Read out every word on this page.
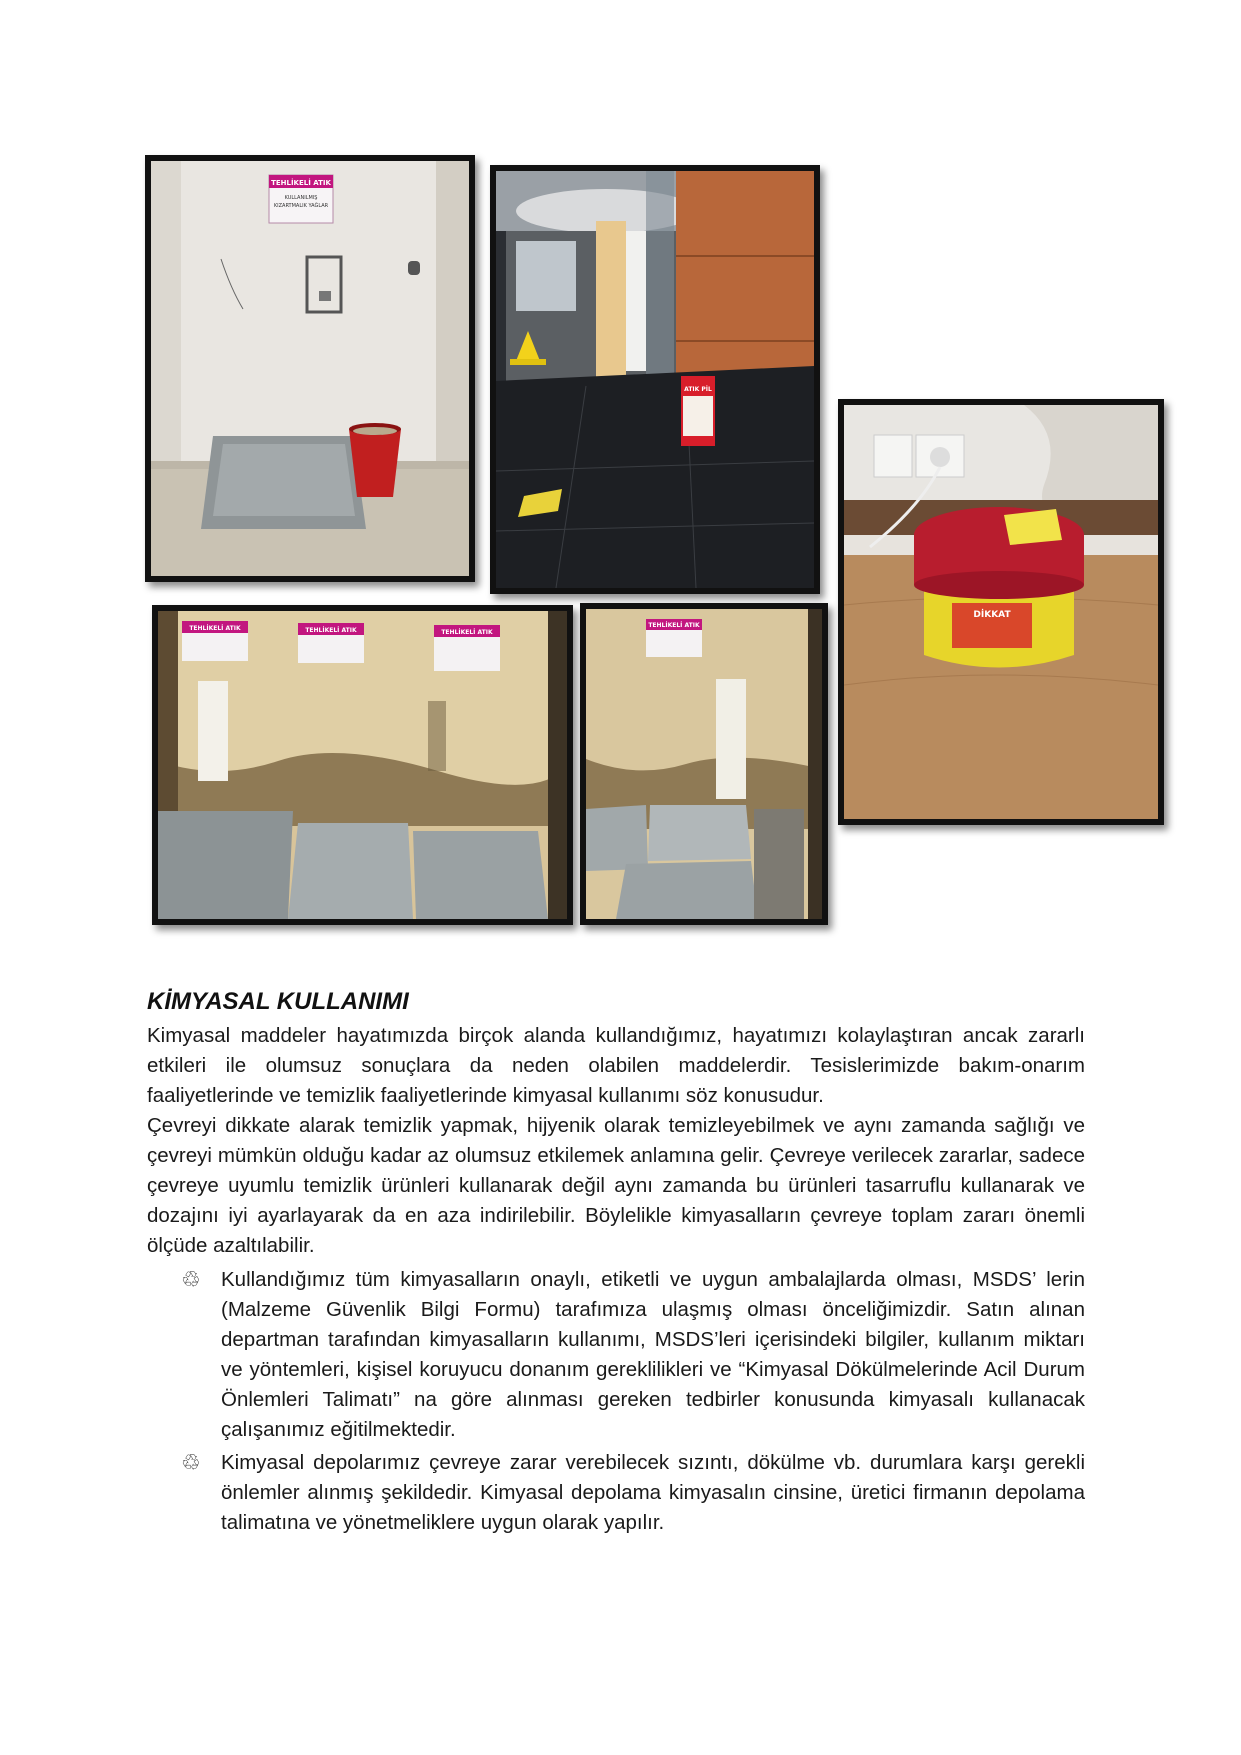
TEHLİKELİ ATIK
KULLANILMIŞ
KIZARTMALIK YAĞLAR
ATIK PİL
DİKKAT
TEHLİKELİ ATIK	TEHLİKELİ ATIK	TEHLİKELİ ATIK
TEHLİKELİ ATIK
KİMYASAL KULLANIMI

Kimyasal maddeler hayatımızda birçok alanda kullandığımız, hayatımızı kolaylaştıran ancak zararlı etkileri ile olumsuz sonuçlara da neden olabilen maddelerdir. Tesislerimizde bakım-onarım faaliyetlerinde ve temizlik faaliyetlerinde kimyasal kullanımı söz konusudur.

Çevreyi dikkate alarak temizlik yapmak, hijyenik olarak temizleyebilmek ve aynı zamanda sağlığı ve çevreyi mümkün olduğu kadar az olumsuz etkilemek anlamına gelir. Çevreye verilecek zararlar, sadece çevreye uyumlu temizlik ürünleri kullanarak değil aynı zamanda bu ürünleri tasarruflu kullanarak ve dozajını iyi ayarlayarak da en aza indirilebilir. Böylelikle kimyasalların çevreye toplam zararı önemli ölçüde azaltılabilir.

♲ Kullandığımız tüm kimyasalların onaylı, etiketli ve uygun ambalajlarda olması, MSDS’ lerin (Malzeme Güvenlik Bilgi Formu) tarafımıza ulaşmış olması önceliğimizdir. Satın alınan departman tarafından kimyasalların kullanımı, MSDS’leri içerisindeki bilgiler, kullanım miktarı ve yöntemleri, kişisel koruyucu donanım gereklilikleri ve “Kimyasal Dökülmelerinde Acil Durum Önlemleri Talimatı” na göre alınması gereken tedbirler konusunda kimyasalı kullanacak çalışanımız eğitilmektedir.
♲ Kimyasal depolarımız çevreye zarar verebilecek sızıntı, dökülme vb. durumlara karşı gerekli önlemler alınmış şekildedir. Kimyasal depolama kimyasalın cinsine, üretici firmanın depolama talimatına ve yönetmeliklere uygun olarak yapılır.
